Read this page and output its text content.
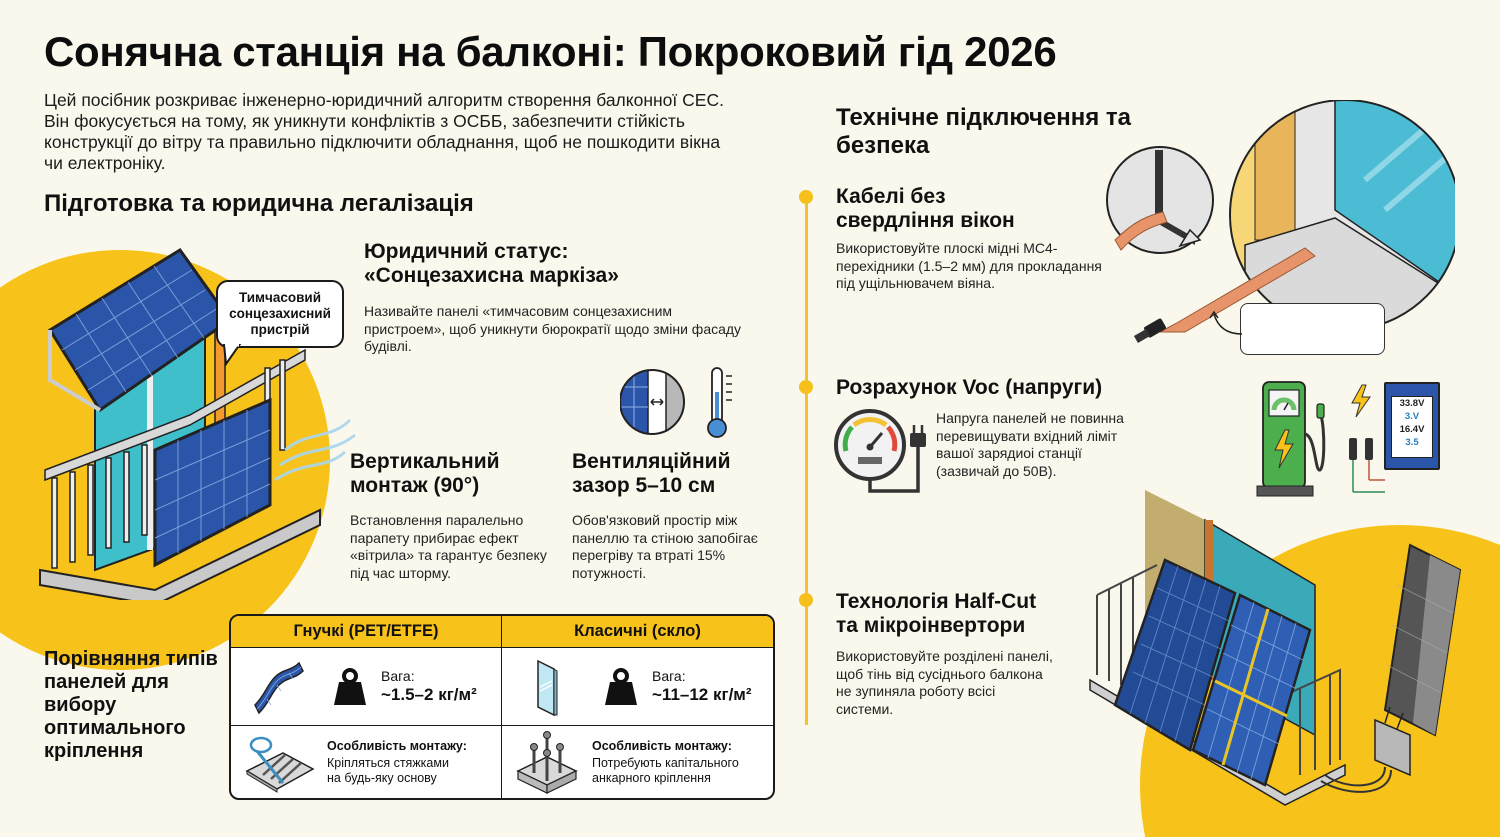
Сонячна станція на балконі: Покроковий гід 2026
Цей посібник розкриває інженерно-юридичний алгоритм створення балконної СЕС. Він фокусується на тому, як уникнути конфліктів з ОСББ, забезпечити стійкість конструкції до вітру та правильно підключити обладнання, щоб не пошкодити вікна чи електроніку.
Підготовка та юридична легалізація
Тимчасовий сонцезахисний пристрій
Юридичний статус:
«Сонцезахисна маркіза»
Називайте панелі «тимчасовим сонцезахисним пристроем», щоб уникнути бюрократії щодо зміни фасаду будівлі.
Вертикальний
монтаж (90°)
Встановлення паралельно парапету прибирає ефект «вітрила» та гарантує безпеку під час шторму.
Вентиляційний
зазор 5–10 см
Обов'язковий простір між панеллю та стіною запобігає перегріву та втраті 15% потужності.
Порівняння типів панелей для вибору оптимального кріплення
Гнучкі (PET/ETFE)	Класичні (скло)
Вага:
~1.5–2 кг/м²
Вага:
~11–12 кг/м²
Особливість монтажу:
Кріпляться стяжками на будь-яку основу
Особливість монтажу:
Потребують капітального анкарного кріплення
Технічне підключення та
безпека
Кабелі без
свердління вікон
Використовуйте плоскі мідні МС4-перехідники (1.5–2 мм) для прокладання під ущільнювачем віяна.
Розрахунок Voc (напруги)
Напруга панелей не повинна перевищувати вхідний ліміт вашої зарядиоі станції (зазвичай до 50В).
33.8V
3.V
16.4V
3.5
Технологія Half-Cut
та мікроінвертори
Використовуйте розділені панелі, щоб тінь від сусіднього балкона не зупиняла роботу всісі системи.
